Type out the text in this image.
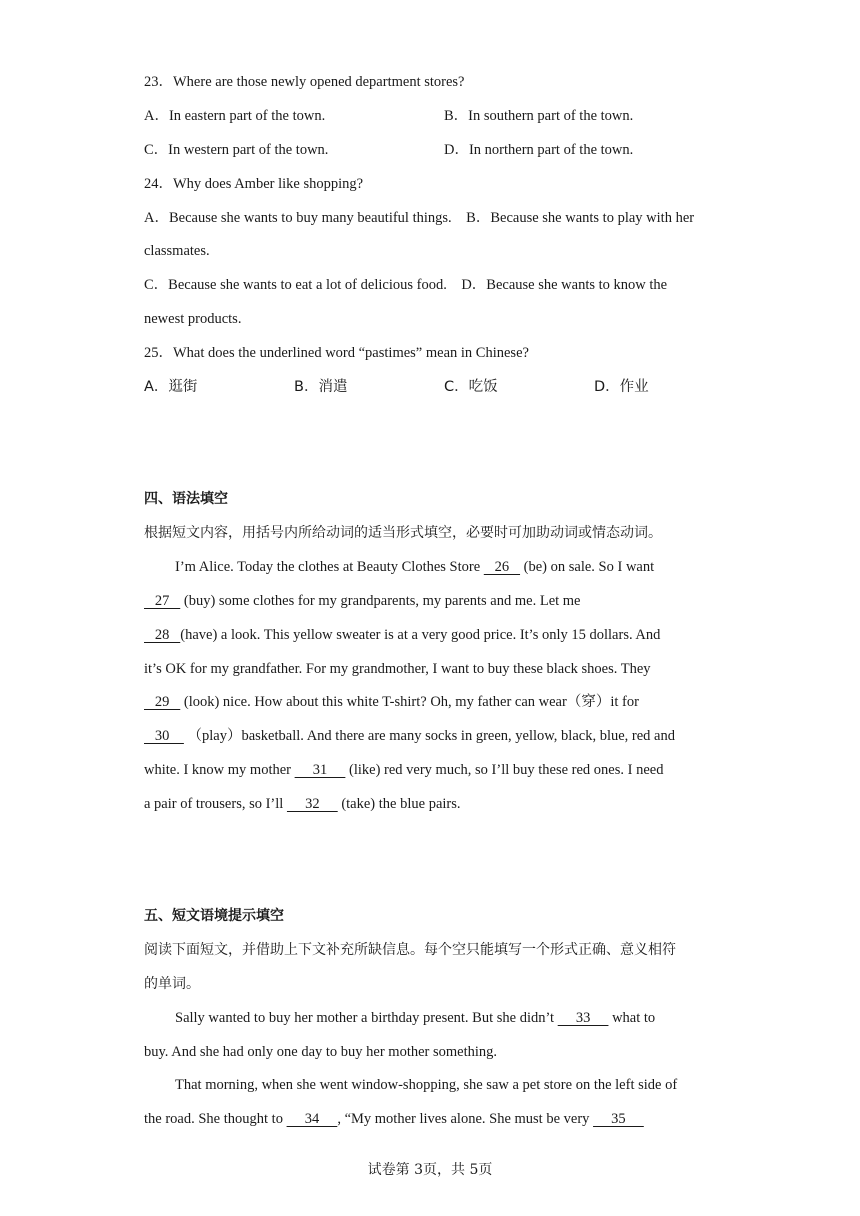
23．Where are those newly opened department stores?
A．In eastern part of the town.	B．In southern part of the town.
C．In western part of the town.	D．In northern part of the town.
24．Why does Amber like shopping?
A．Because she wants to buy many beautiful things.    B．Because she wants to play with her
classmates.
C．Because she wants to eat a lot of delicious food.    D．Because she wants to know the
newest products.
25．What does the underlined word “pastimes” mean in Chinese?
A．逛街	B．消遣	C．吃饭	D．作业
四、语法填空
根据短文内容，用括号内所给动词的适当形式填空，必要时可加助动词或情态动词。
I’m Alice. Today the clothes at Beauty Clothes Store    26    (be) on sale. So I want
27    (buy) some clothes for my grandparents, my parents and me. Let me
28   (have) a look. This yellow sweater is at a very good price. It’s only 15 dollars. And
it’s OK for my grandfather. For my grandmother, I want to buy these black shoes. They
29    (look) nice. How about this white T-shirt? Oh, my father can wear（穿）it for
30     （play）basketball. And there are many socks in green, yellow, black, blue, red and
white. I know my mother      31      (like) red very much, so I’ll buy these red ones. I need
a pair of trousers, so I’ll      32      (take) the blue pairs.
五、短文语境提示填空
阅读下面短文，并借助上下文补充所缺信息。每个空只能填写一个形式正确、意义相符
的单词。
Sally wanted to buy her mother a birthday present. But she didn’t      33      what to
buy. And she had only one day to buy her mother something.
That morning, when she went window-shopping, she saw a pet store on the left side of
the road. She thought to      34     , “My mother lives alone. She must be very      35
试卷第 3页，共 5页
